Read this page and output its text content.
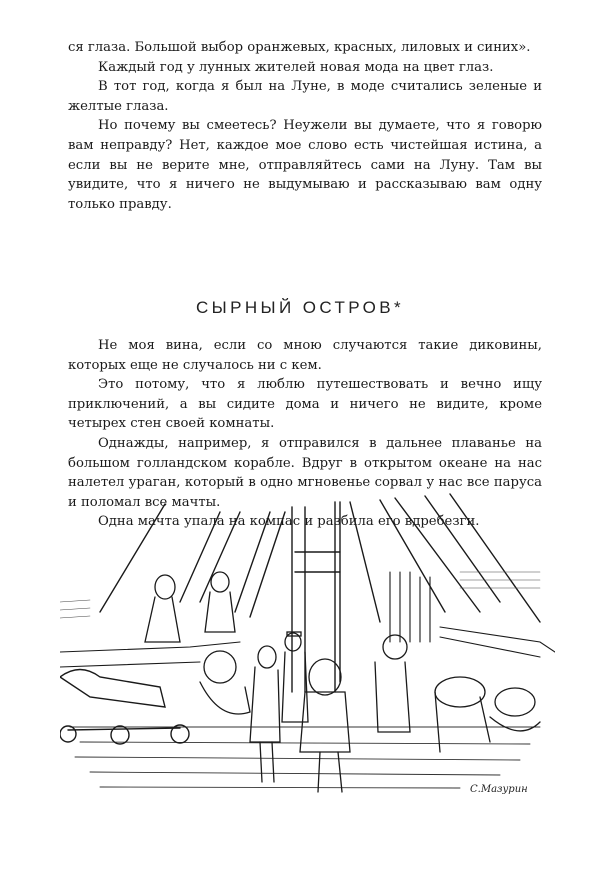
ся глаза. Большой выбор оранжевых, красных, лиловых и синих».

Каждый год у лунных жителей новая мода на цвет глаз.

В тот год, когда я был на Луне, в моде считались зеленые и желтые глаза.

Но почему вы смеетесь? Неужели вы думаете, что я говорю вам неправду? Нет, каждое мое слово есть чистейшая истина, а если вы не верите мне, отправляйтесь сами на Луну. Там вы увидите, что я ничего не выдумываю и рассказываю вам одну только правду.

СЫРНЫЙ ОСТРОВ*

Не моя вина, если со мною случаются такие диковины, которых еще не случалось ни с кем.

Это потому, что я люблю путешествовать и вечно ищу приключений, а вы сидите дома и ничего не видите, кроме четырех стен своей комнаты.

Однажды, например, я отправился в дальнее плаванье на большом голландском корабле. Вдруг в открытом океане на нас налетел ураган, который в одно мгновенье сорвал у нас все паруса и поломал все мачты.

Одна мачта упала на компас и разбила его вдребезги.

С.Мазурин
